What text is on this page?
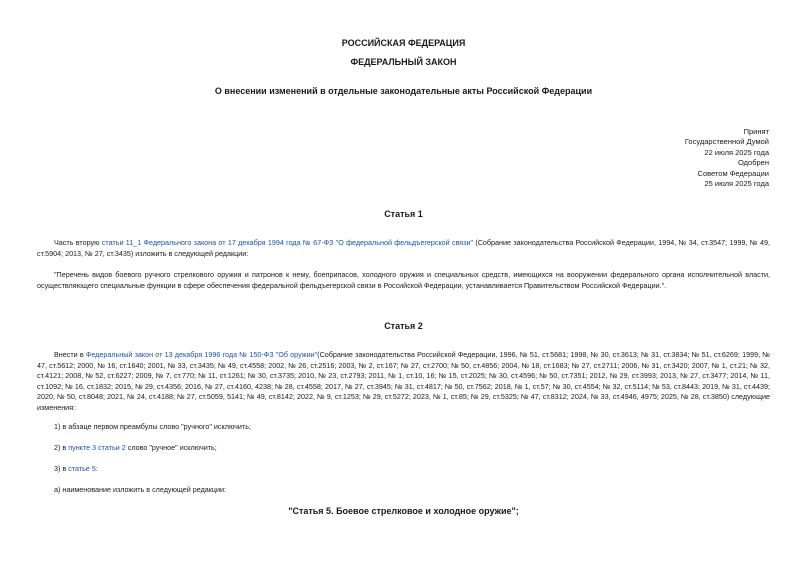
РОССИЙСКАЯ ФЕДЕРАЦИЯ
ФЕДЕРАЛЬНЫЙ ЗАКОН
О внесении изменений в отдельные законодательные акты Российской Федерации
Принят
Государственной Думой
22 июля 2025 года
Одобрен
Советом Федерации
25 июля 2025 года
Статья 1
Часть вторую статьи 11_1 Федерального закона от 17 декабря 1994 года № 67-ФЗ "О федеральной фельдъегерской связи" (Собрание законодательства Российской Федерации, 1994, № 34, ст.3547; 1999, № 49, ст.5904; 2013, № 27, ст.3435) изложить в следующей редакции:
"Перечень видов боевого ручного стрелкового оружия и патронов к нему, боеприпасов, холодного оружия и специальных средств, имеющихся на вооружении федерального органа исполнительной власти, осуществляющего специальные функции в сфере обеспечения федеральной фельдъегерской связи в Российской Федерации, устанавливается Правительством Российской Федерации.".
Статья 2
Внести в Федеральный закон от 13 декабря 1996 года № 150-ФЗ "Об оружии"(Собрание законодательства Российской Федерации, 1996, № 51, ст.5681; 1998, № 30, ст.3613; № 31, ст.3834; № 51, ст.6269; 1999, № 47, ст.5612; 2000, № 16, ст.1640; 2001, № 33, ст.3435; № 49, ст.4558; 2002, № 26, ст.2516; 2003, № 2, ст.167; № 27, ст.2700; № 50, ст.4856; 2004, № 18, ст.1683; № 27, ст.2711; 2006, № 31, ст.3420; 2007, № 1, ст.21; № 32, ст.4121; 2008, № 52, ст.6227; 2009, № 7, ст.770; № 11, ст.1261; № 30, ст.3735; 2010, № 23, ст.2793; 2011, № 1, ст.10, 16; № 15, ст.2025; № 30, ст.4596; № 50, ст.7351; 2012, № 29, ст.3993; 2013, № 27, ст.3477; 2014, № 11, ст.1092; № 16, ст.1832; 2015, № 29, ст.4356; 2016, № 27, ст.4160, 4238; № 28, ст.4558; 2017, № 27, ст.3945; № 31, ст.4817; № 50, ст.7562; 2018, № 1, ст.57; № 30, ст.4554; № 32, ст.5114; № 53, ст.8443; 2019, № 31, ст.4439; 2020, № 50, ст.8048; 2021, № 24, ст.4188; № 27, ст.5059, 5141; № 49, ст.8142; 2022, № 9, ст.1253; № 29, ст.5272; 2023, № 1, ст.85; № 29, ст.5325; № 47, ст.8312; 2024, № 33, ст.4946, 4975; 2025, № 28, ст.3850) следующие изменения:
1) в абзаце первом преамбулы слово "ручного" исключить;
2) в пункте 3 статьи 2 слово "ручное" исключить;
3) в статье 5:
а) наименование изложить в следующей редакции:
"Статья 5. Боевое стрелковое и холодное оружие";
